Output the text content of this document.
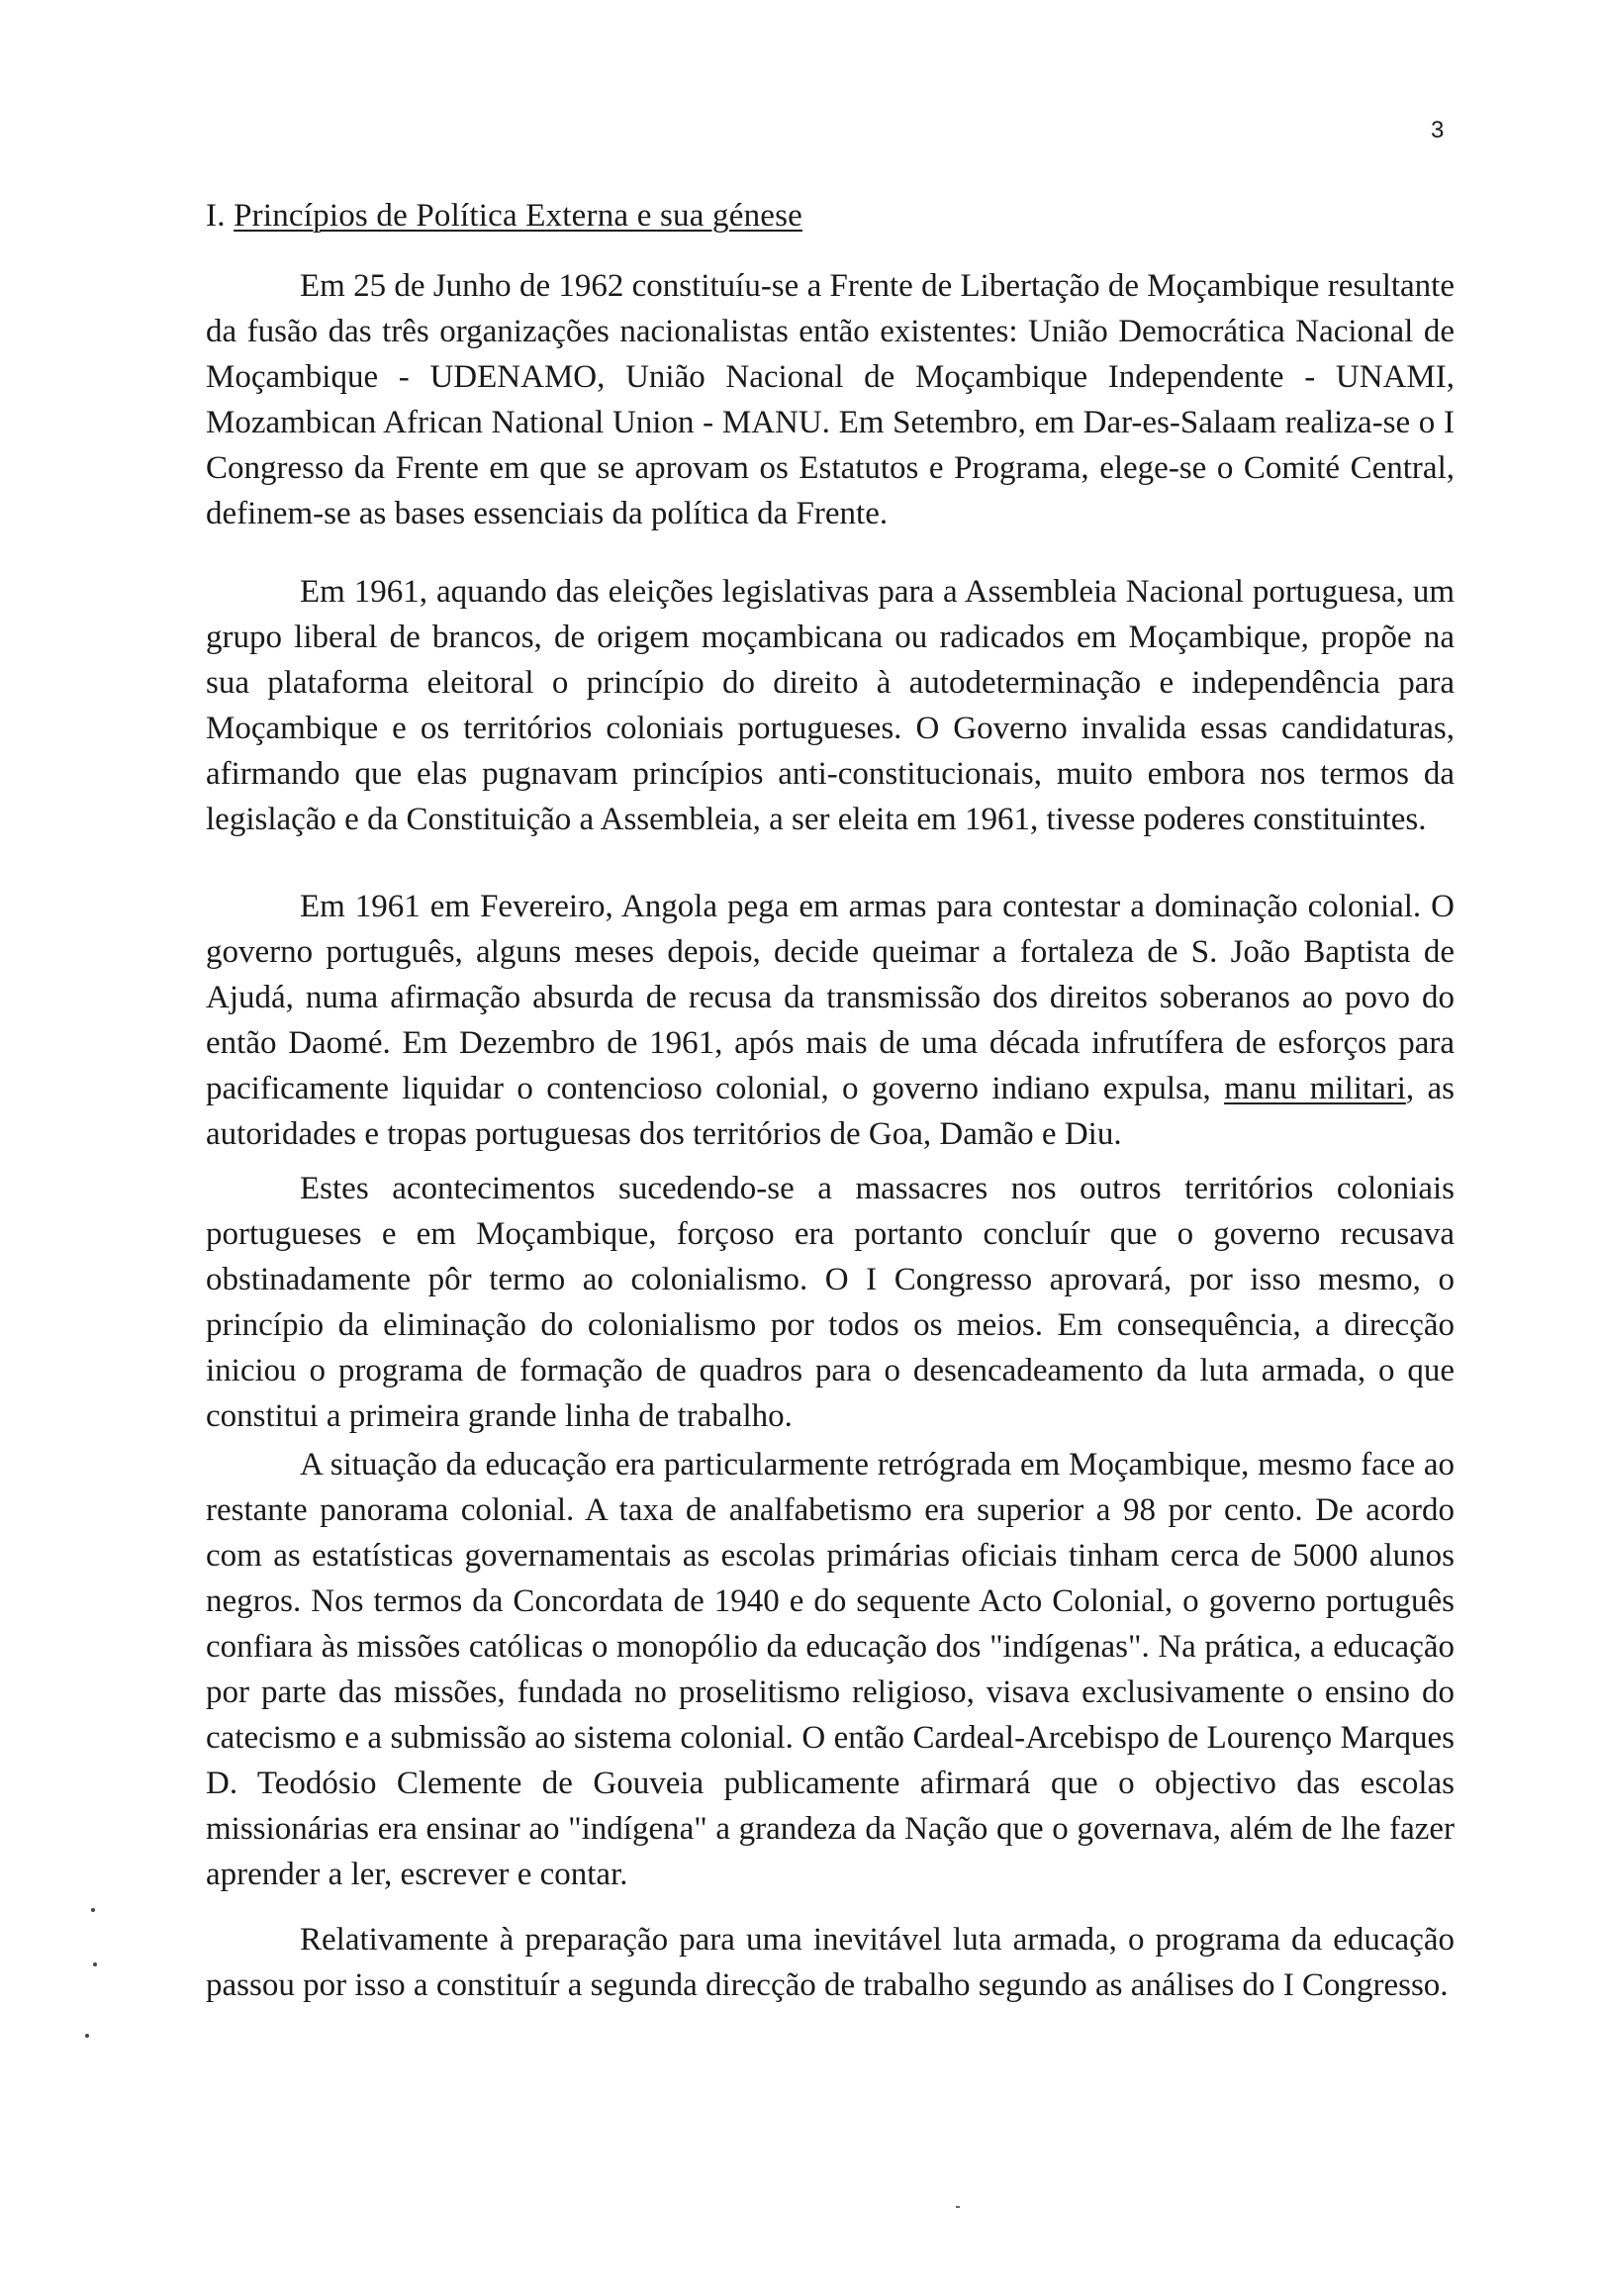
3
I. Princípios de Política Externa e sua génese

Em 25 de Junho de 1962 constituíu-se a Frente de Libertação de Moçambique resultante da fusão das três organizações nacionalistas então existentes: União Democrática Nacional de Moçambique - UDENAMO, União Nacional de Moçambique Independente - UNAMI, Mozambican African National Union - MANU. Em Setembro, em Dar-es-Salaam realiza-se o I Congresso da Frente em que se aprovam os Estatutos e Programa, elege-se o Comité Central, definem-se as bases essenciais da política da Frente.

Em 1961, aquando das eleições legislativas para a Assembleia Nacional portuguesa, um grupo liberal de brancos, de origem moçambicana ou radicados em Moçambique, propõe na sua plataforma eleitoral o princípio do direito à autodeterminação e independência para Moçambique e os territórios coloniais portugueses. O Governo invalida essas candidaturas, afirmando que elas pugnavam princípios anti-constitucionais, muito embora nos termos da legislação e da Constituição a Assembleia, a ser eleita em 1961, tivesse poderes constituintes.

Em 1961 em Fevereiro, Angola pega em armas para contestar a dominação colonial. O governo português, alguns meses depois, decide queimar a fortaleza de S. João Baptista de Ajudá, numa afirmação absurda de recusa da transmissão dos direitos soberanos ao povo do então Daomé. Em Dezembro de 1961, após mais de uma década infrutífera de esforços para pacificamente liquidar o contencioso colonial, o governo indiano expulsa, manu militari, as autoridades e tropas portuguesas dos territórios de Goa, Damão e Diu.

Estes acontecimentos sucedendo-se a massacres nos outros territórios coloniais portugueses e em Moçambique, forçoso era portanto concluír que o governo recusava obstinadamente pôr termo ao colonialismo. O I Congresso aprovará, por isso mesmo, o princípio da eliminação do colonialismo por todos os meios. Em consequência, a direcção iniciou o programa de formação de quadros para o desencadeamento da luta armada, o que constitui a primeira grande linha de trabalho.

A situação da educação era particularmente retrógrada em Moçambique, mesmo face ao restante panorama colonial. A taxa de analfabetismo era superior a 98 por cento. De acordo com as estatísticas governamentais as escolas primárias oficiais tinham cerca de 5000 alunos negros. Nos termos da Concordata de 1940 e do sequente Acto Colonial, o governo português confiara às missões católicas o monopólio da educação dos "indígenas". Na prática, a educação por parte das missões, fundada no proselitismo religioso, visava exclusivamente o ensino do catecismo e a submissão ao sistema colonial. O então Cardeal-Arcebispo de Lourenço Marques D. Teodósio Clemente de Gouveia publicamente afirmará que o objectivo das escolas missionárias era ensinar ao "indígena" a grandeza da Nação que o governava, além de lhe fazer aprender a ler, escrever e contar.

Relativamente à preparação para uma inevitável luta armada, o programa da educação passou por isso a constituír a segunda direcção de trabalho segundo as análises do I Congresso.
